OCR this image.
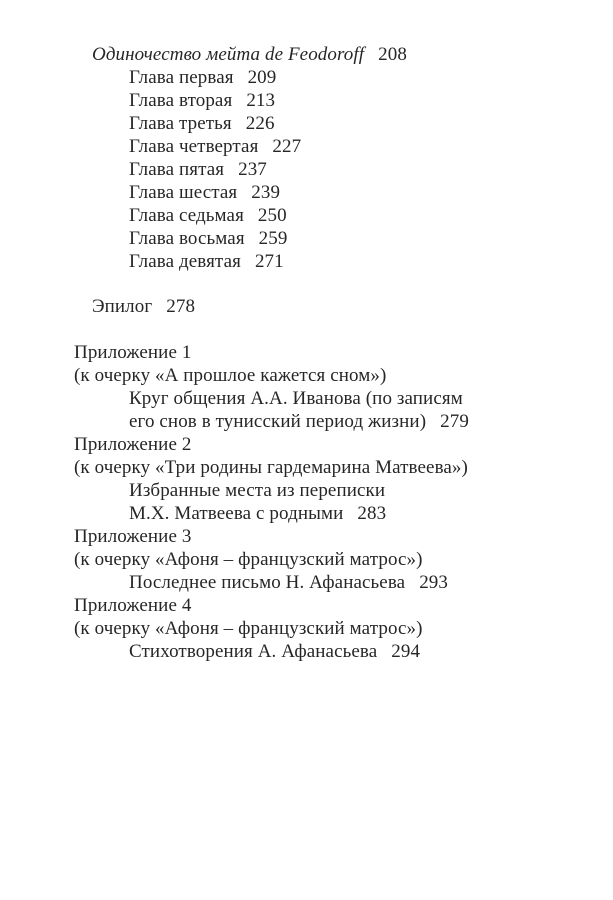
Одиночество мейта de Feodoroff 208
Глава первая 209
Глава вторая 213
Глава третья 226
Глава четвертая 227
Глава пятая 237
Глава шестая 239
Глава седьмая 250
Глава восьмая 259
Глава девятая 271
Эпилог 278
Приложение 1
(к очерку «А прошлое кажется сном»)
Круг общения А.А. Иванова (по записям
его снов в тунисский период жизни) 279
Приложение 2
(к очерку «Три родины гардемарина Матвеева»)
Избранные места из переписки
М.Х. Матвеева с родными 283
Приложение 3
(к очерку «Афоня – французский матрос»)
Последнее письмо Н. Афанасьева 293
Приложение 4
(к очерку «Афоня – французский матрос»)
Стихотворения А. Афанасьева 294
